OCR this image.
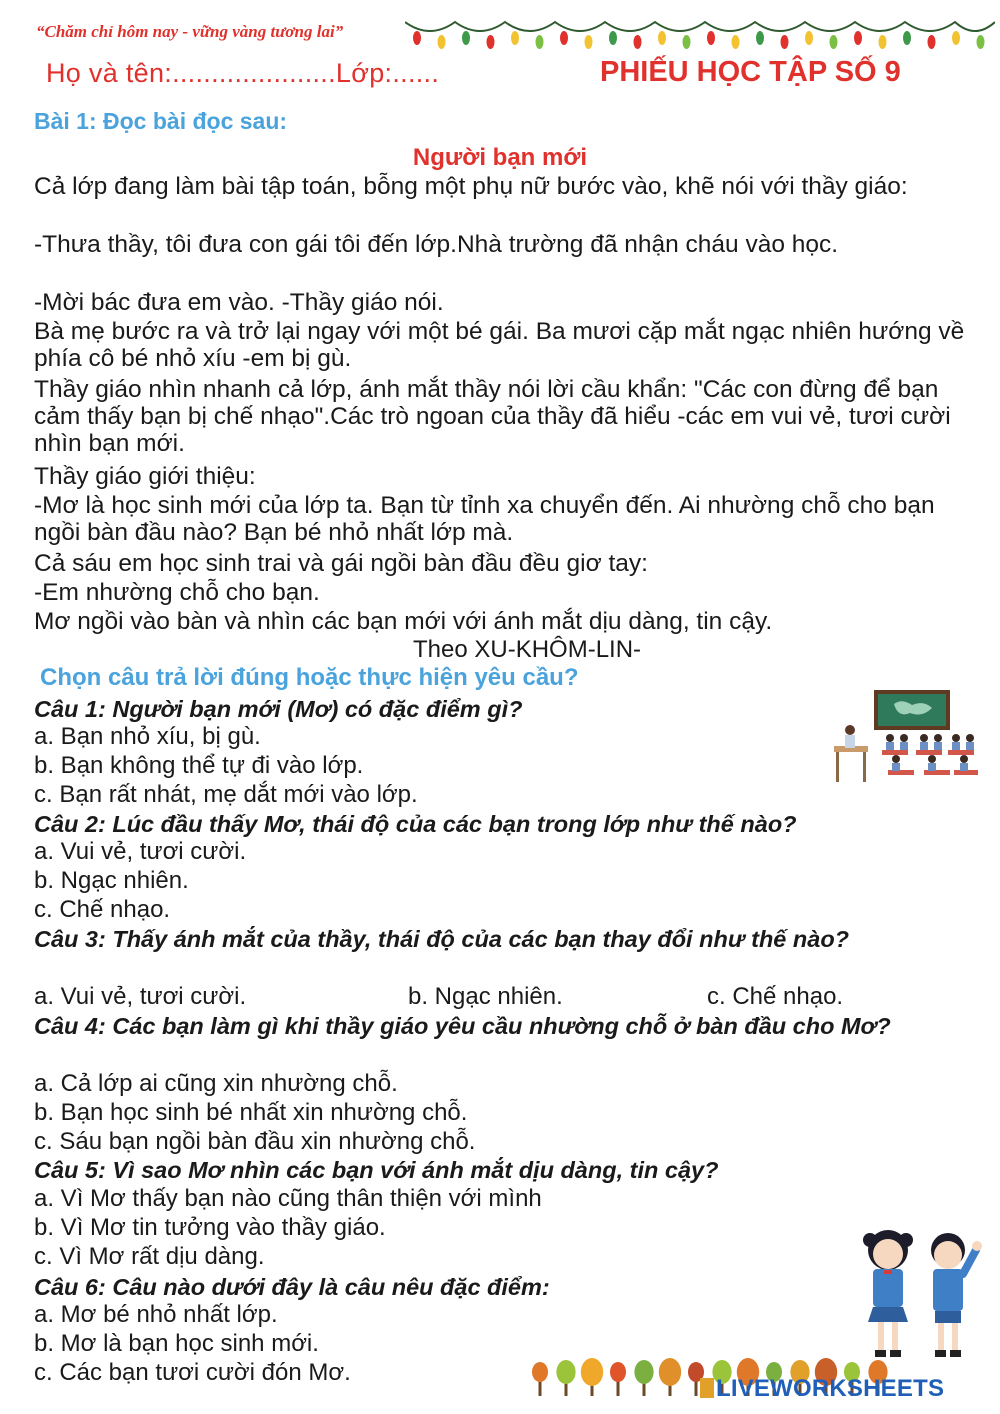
“Chăm chỉ hôm nay - vững vàng tương lai”
Họ và tên:.....................Lớp:......	PHIẾU HỌC TẬP SỐ 9
Bài 1: Đọc bài đọc sau:
Người bạn mới
Cả lớp đang làm bài tập toán, bỗng một phụ nữ bước vào, khẽ nói với thầy giáo:
-Thưa thầy, tôi đưa con gái tôi đến lớp.Nhà trường đã nhận cháu vào học.
-Mời bác đưa em vào. -Thầy giáo nói.
Bà mẹ bước ra và trở lại ngay với một bé gái. Ba mươi cặp mắt ngạc nhiên hướng về phía cô bé nhỏ xíu -em bị gù.
Thầy giáo nhìn nhanh cả lớp, ánh mắt thầy nói lời cầu khẩn: "Các con đừng để bạn cảm thấy bạn bị chế nhạo".Các trò ngoan của thầy đã hiểu -các em vui vẻ, tươi cười nhìn bạn mới.
Thầy giáo giới thiệu:
-Mơ là học sinh mới của lớp ta. Bạn từ tỉnh xa chuyển đến. Ai nhường chỗ cho bạn ngồi bàn đầu nào? Bạn bé nhỏ nhất lớp mà.
Cả sáu em học sinh trai và gái ngồi bàn đầu đều giơ tay:
-Em nhường chỗ cho bạn.
Mơ ngồi vào bàn và nhìn các bạn mới với ánh mắt dịu dàng, tin cậy.
Theo XU-KHÔM-LIN-
Chọn câu trả lời đúng hoặc thực hiện yêu cầu?
Câu 1: Người bạn mới (Mơ) có đặc điểm gì?
a. Bạn nhỏ xíu, bị gù.
b. Bạn không thể tự đi vào lớp.
c. Bạn rất nhát, mẹ dắt mới vào lớp.
Câu 2: Lúc đầu thấy Mơ, thái độ của các bạn trong lớp như thế nào?
a. Vui vẻ, tươi cười.
b. Ngạc nhiên.
c. Chế nhạo.
Câu 3: Thấy ánh mắt của thầy, thái độ của các bạn thay đổi như thế nào?
a. Vui vẻ, tươi cười.	b. Ngạc nhiên.	c. Chế nhạo.
Câu 4: Các bạn làm gì khi thầy giáo yêu cầu nhường chỗ ở bàn đầu cho Mơ?
a. Cả lớp ai cũng xin nhường chỗ.
b. Bạn học sinh bé nhất xin nhường chỗ.
c. Sáu bạn ngồi bàn đầu xin nhường chỗ.
Câu 5: Vì sao Mơ nhìn các bạn với ánh mắt dịu dàng, tin cậy?
a. Vì Mơ thấy bạn nào cũng thân thiện với mình
b. Vì Mơ tin tưởng vào thầy giáo.
c. Vì Mơ rất dịu dàng.
Câu 6: Câu nào dưới đây là câu nêu đặc điểm:
a. Mơ bé nhỏ nhất lớp.
b. Mơ là bạn học sinh mới.
c. Các bạn tươi cười đón Mơ.
LIVEWORKSHEETS
